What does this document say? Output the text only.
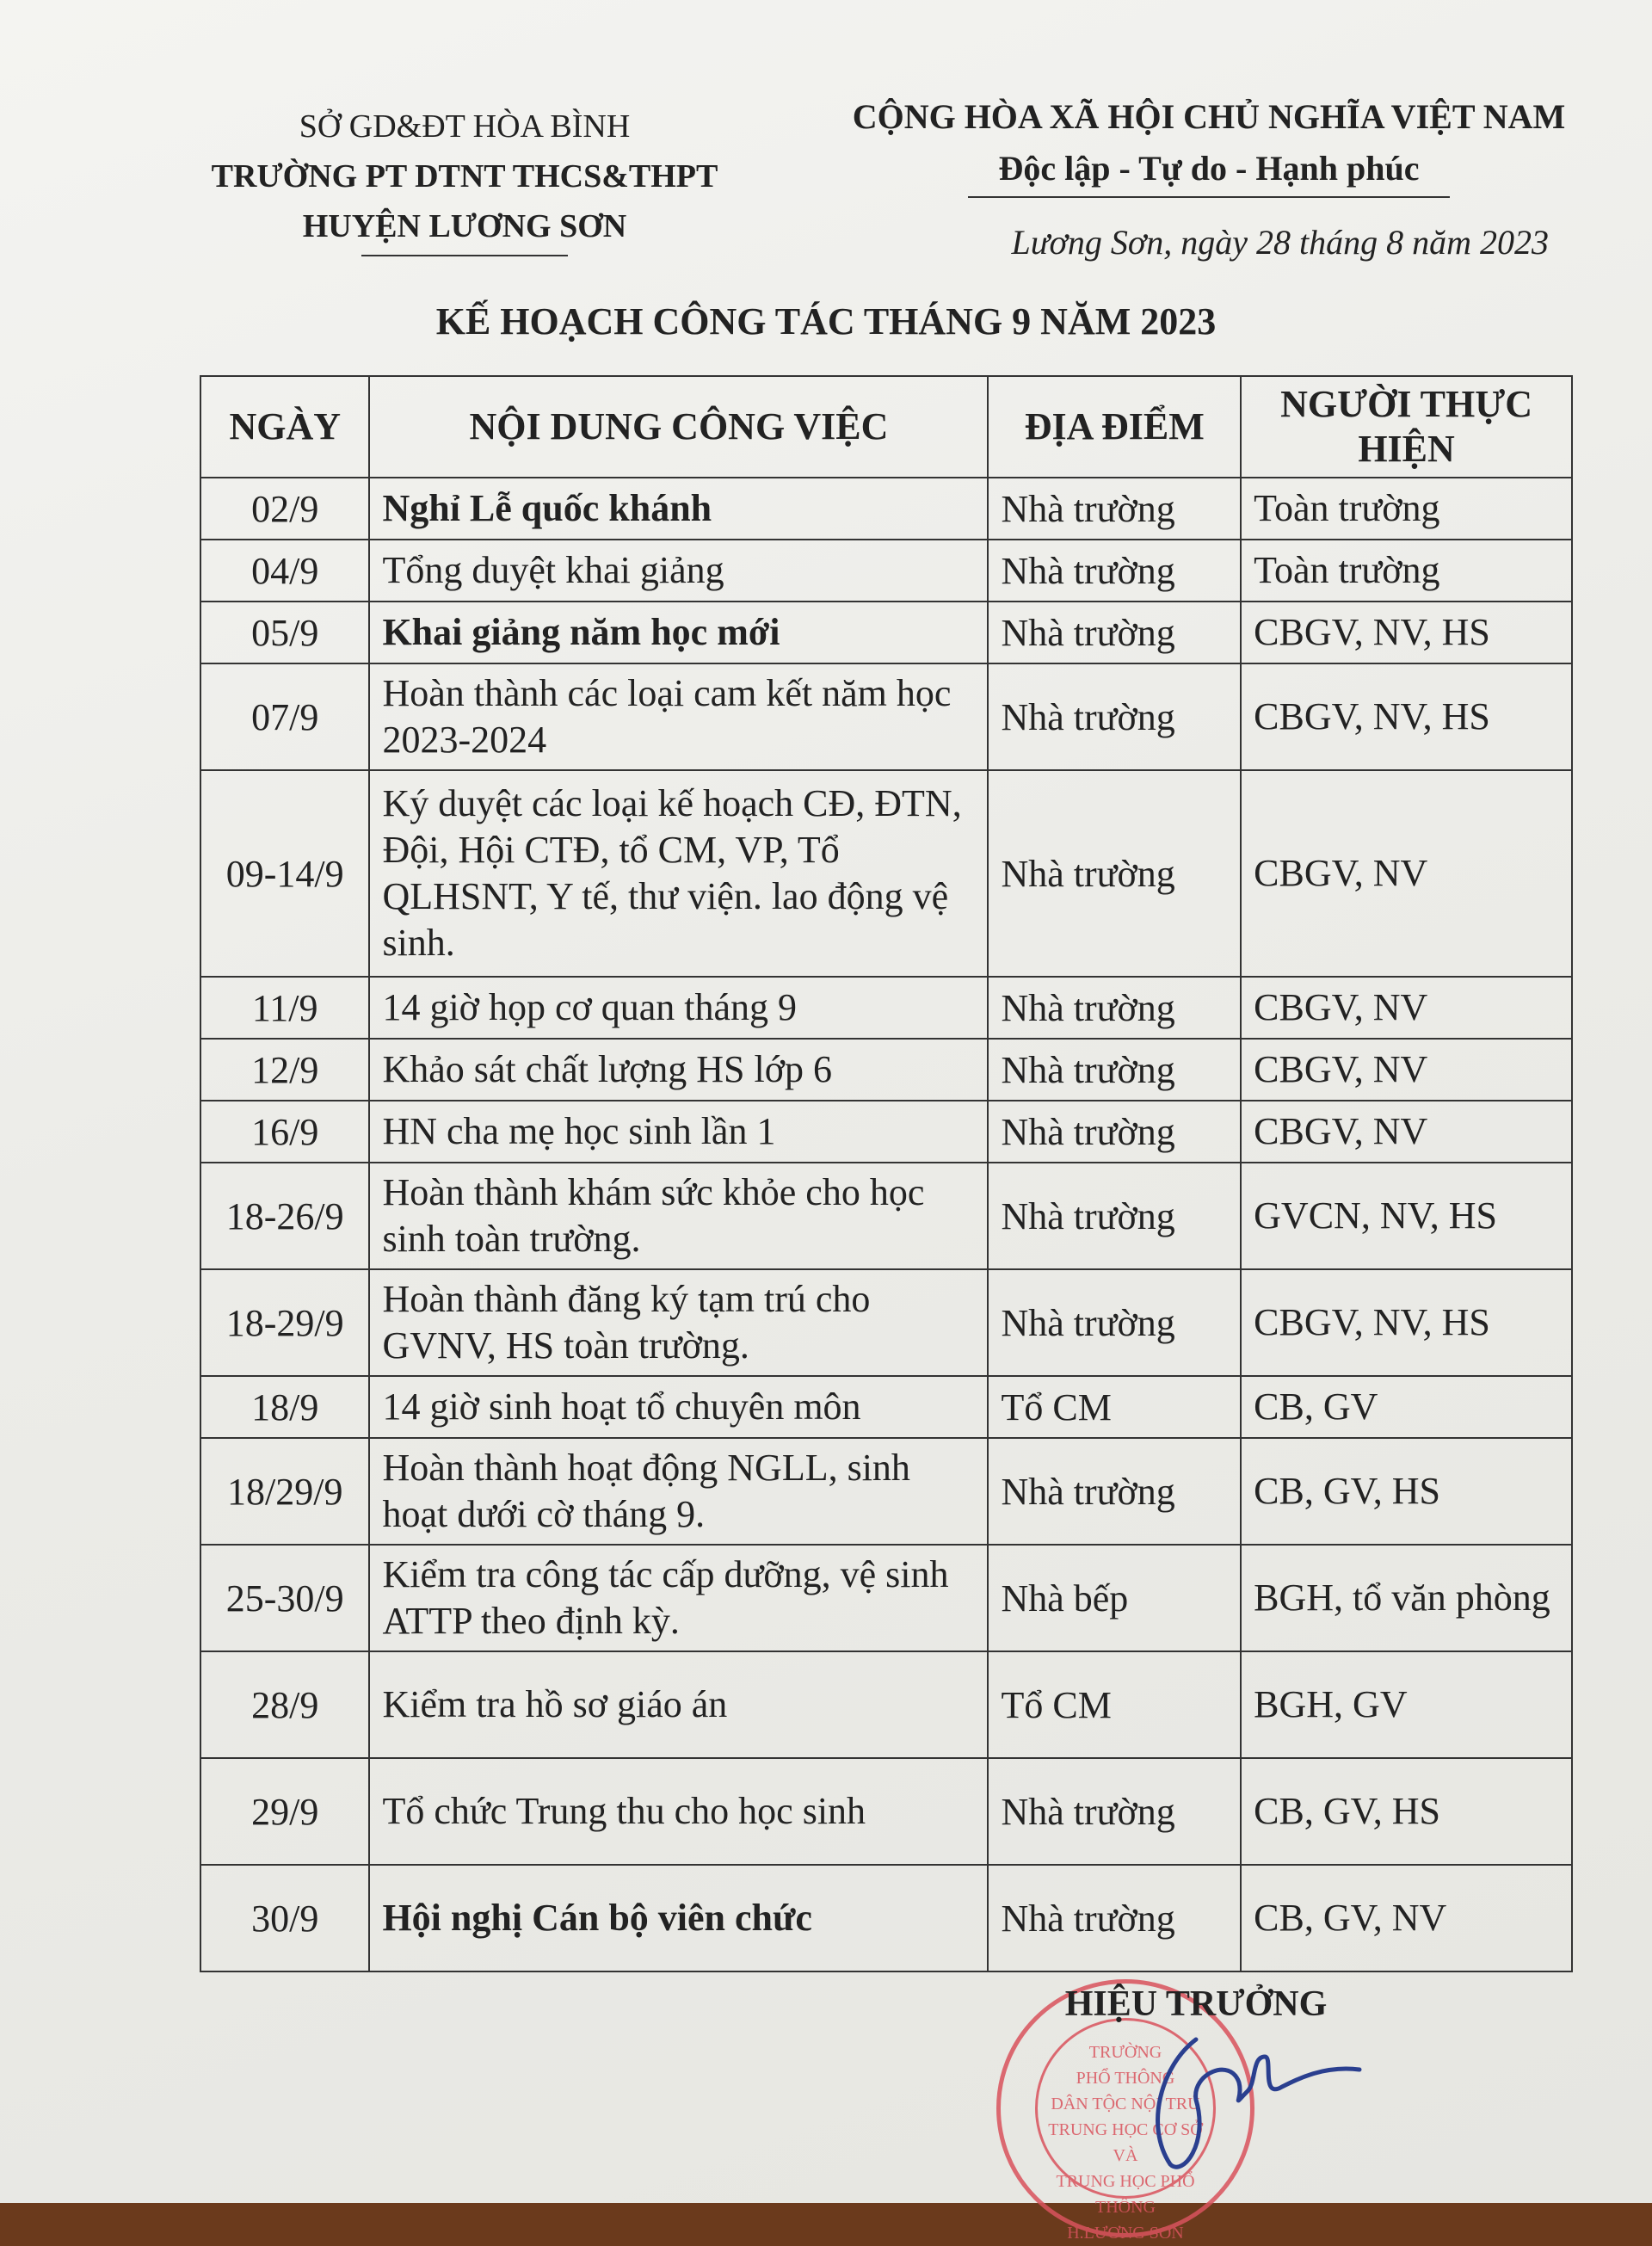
SỞ GD&ĐT HÒA BÌNH
TRƯỜNG PT DTNT THCS&THPT
HUYỆN LƯƠNG SƠN
CỘNG HÒA XÃ HỘI CHỦ NGHĨA VIỆT NAM
Độc lập - Tự do - Hạnh phúc
Lương Sơn, ngày 28 tháng 8 năm 2023
KẾ HOẠCH CÔNG TÁC THÁNG 9 NĂM 2023
NGÀY	NỘI DUNG CÔNG VIỆC	ĐỊA ĐIỂM	NGƯỜI THỰC HIỆN
02/9	Nghỉ Lễ quốc khánh	Nhà trường	Toàn trường
04/9	Tổng duyệt khai giảng	Nhà trường	Toàn trường
05/9	Khai giảng năm học mới	Nhà trường	CBGV, NV, HS
07/9	Hoàn thành các loại cam kết năm học 2023-2024	Nhà trường	CBGV, NV, HS
09-14/9	Ký duyệt các loại kế hoạch CĐ, ĐTN, Đội, Hội CTĐ, tổ CM, VP, Tổ QLHSNT, Y tế, thư viện. lao động vệ sinh.	Nhà trường	CBGV, NV
11/9	14 giờ họp cơ quan tháng 9	Nhà trường	CBGV, NV
12/9	Khảo sát chất lượng HS lớp 6	Nhà trường	CBGV, NV
16/9	HN cha mẹ học sinh lần 1	Nhà trường	CBGV, NV
18-26/9	Hoàn thành khám sức khỏe cho học sinh toàn trường.	Nhà trường	GVCN, NV, HS
18-29/9	Hoàn thành đăng ký tạm trú cho GVNV, HS toàn trường.	Nhà trường	CBGV, NV, HS
18/9	14 giờ sinh hoạt tổ chuyên môn	Tổ CM	CB, GV
18/29/9	Hoàn thành hoạt động NGLL, sinh hoạt dưới cờ tháng 9.	Nhà trường	CB, GV, HS
25-30/9	Kiểm tra công tác cấp dưỡng, vệ sinh ATTP theo định kỳ.	Nhà bếp	BGH, tổ văn phòng
28/9	Kiểm tra hồ sơ giáo án	Tổ CM	BGH, GV
29/9	Tổ chức Trung thu cho học sinh	Nhà trường	CB, GV, HS
30/9	Hội nghị Cán bộ viên chức	Nhà trường	CB, GV, NV
TRƯỜNG
PHỔ THÔNG
DÂN TỘC NỘI TRÚ
TRUNG HỌC CƠ SỞ VÀ
TRUNG HỌC PHỔ THÔNG
H.LƯƠNG SƠN
HIỆU TRƯỞNG
